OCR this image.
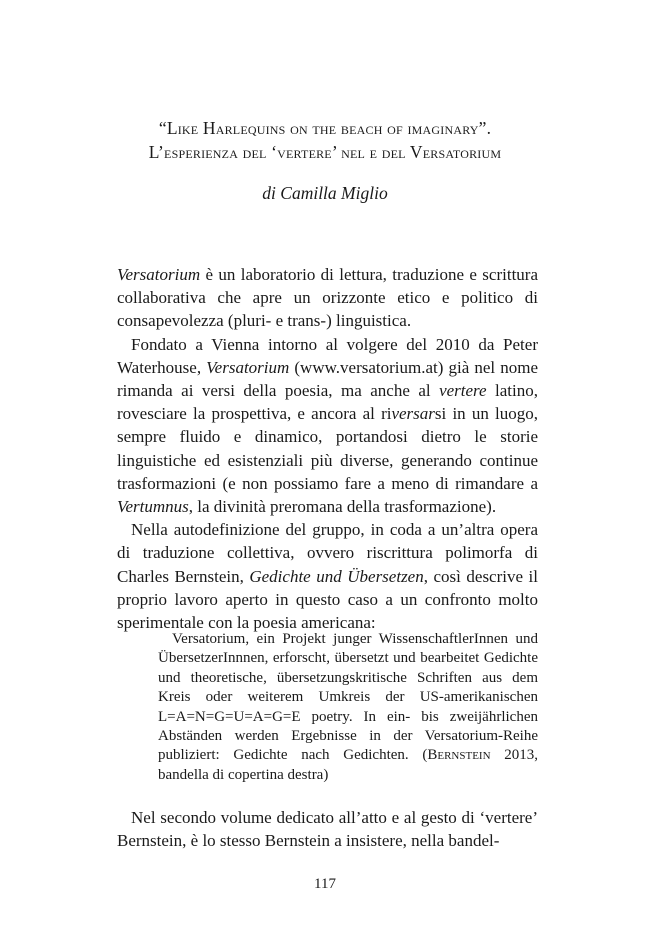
“Like Harlequins on the beach of imaginary”.
L’esperienza del ‘vertere’ nel e del Versatorium
di Camilla Miglio

Versatorium è un laboratorio di lettura, traduzione e scrittura collaborativa che apre un orizzonte etico e politico di consapevolezza (pluri- e trans-) linguistica.

Fondato a Vienna intorno al volgere del 2010 da Peter Waterhouse, Versatorium (www.versatorium.at) già nel nome rimanda ai versi della poesia, ma anche al vertere latino, rovesciare la prospettiva, e ancora al riversarsi in un luogo, sempre fluido e dinamico, portandosi dietro le storie linguistiche ed esistenziali più diverse, generando continue trasformazioni (e non possiamo fare a meno di rimandare a Vertumnus, la divinità preromana della trasformazione).

Nella autodefinizione del gruppo, in coda a un’altra opera di traduzione collettiva, ovvero riscrittura polimorfa di Charles Bernstein, Gedichte und Übersetzen, così descrive il proprio lavoro aperto in questo caso a un confronto molto sperimentale con la poesia americana:

Versatorium, ein Projekt junger WissenschaftlerInnen und ÜbersetzerInnnen, erforscht, übersetzt und bearbeitet Gedichte und theoretische, übersetzungskritische Schriften aus dem Kreis oder weiterem Umkreis der US-amerikanischen L=A=N=G=U=A=G=E poetry. In ein- bis zweijährlichen Abständen werden Ergebnisse in der Versatorium-Reihe publiziert: Gedichte nach Gedichten. (Bernstein 2013, bandella di copertina destra)
Nel secondo volume dedicato all’atto e al gesto di ‘vertere’ Bernstein, è lo stesso Bernstein a insistere, nella bandel-
117
